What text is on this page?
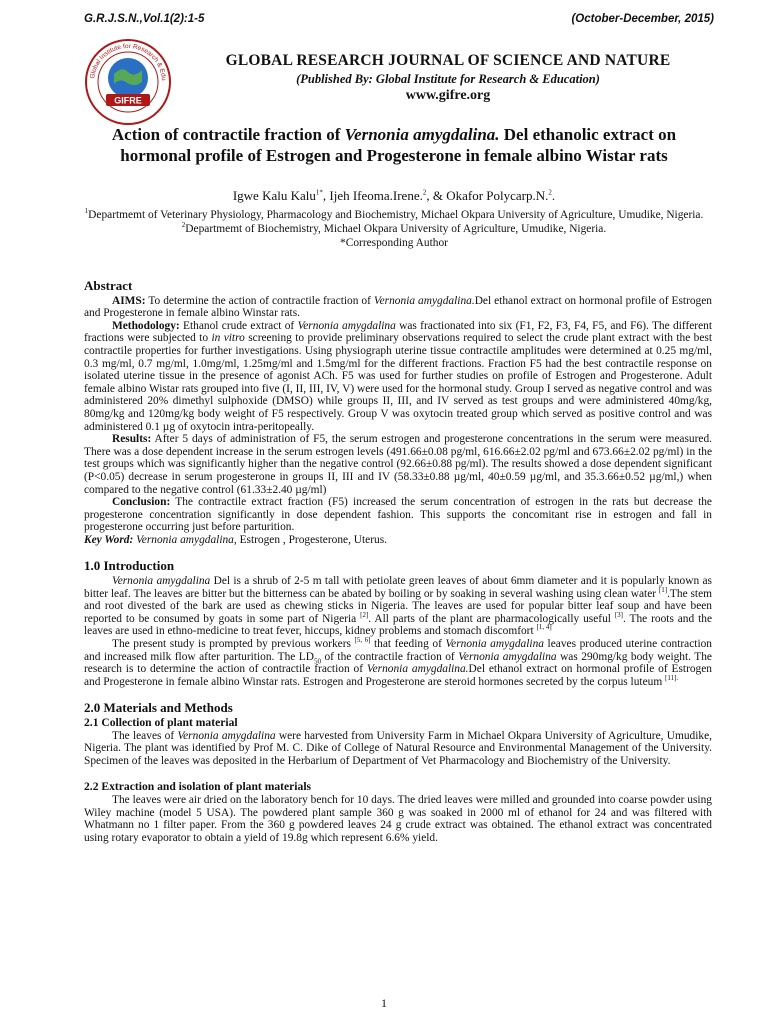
G.R.J.S.N.,Vol.1(2):1-5	(October-December, 2015)
GIFRE
Global Institute for Research & Edu
GLOBAL RESEARCH JOURNAL OF SCIENCE AND NATURE
(Published By: Global Institute for Research & Education)
www.gifre.org
Action of contractile fraction of Vernonia amygdalina. Del ethanolic extract on hormonal profile of Estrogen and Progesterone in female albino Wistar rats
Igwe Kalu Kalu$^{1*}$, Ijeh Ifeoma.Irene.$^2$, & Okafor Polycarp.N.$^2$.
$^1$Departmemt of Veterinary Physiology, Pharmacology and Biochemistry, Michael Okpara University of Agriculture, Umudike, Nigeria.
$^2$Departmemt of Biochemistry, Michael Okpara University of Agriculture, Umudike, Nigeria.
*Corresponding Author
Abstract

AIMS: To determine the action of contractile fraction of Vernonia amygdalina.Del ethanol extract on hormonal profile of Estrogen and Progesterone in female albino Winstar rats.

Methodology: Ethanol crude extract of Vernonia amygdalina was fractionated into six (F1, F2, F3, F4, F5, and F6). The different fractions were subjected to in vitro screening to provide preliminary observations required to select the crude plant extract with the best contractile properties for further investigations. Using physiograph uterine tissue contractile amplitudes were determined at 0.25 mg/ml, 0.3 mg/ml, 0.7 mg/ml, 1.0mg/ml, 1.25mg/ml and 1.5mg/ml for the different fractions. Fraction F5 had the best contractile response on isolated uterine tissue in the presence of agonist ACh. F5 was used for further studies on profile of Estrogen and Progesterone. Adult female albino Wistar rats grouped into five (I, II, III, IV, V) were used for the hormonal study. Group I served as negative control and was administered 20% dimethyl sulphoxide (DMSO) while groups II, III, and IV served as test groups and were administered 40mg/kg, 80mg/kg and 120mg/kg body weight of F5 respectively. Group V was oxytocin treated group which served as positive control and was administered 0.1 µg of oxytocin intra-peritopeally.

Results: After 5 days of administration of F5, the serum estrogen and progesterone concentrations in the serum were measured. There was a dose dependent increase in the serum estrogen levels (491.66±0.08 pg/ml, 616.66±2.02 pg/ml and 673.66±2.02 pg/ml) in the test groups which was significantly higher than the negative control (92.66±0.88 pg/ml). The results showed a dose dependent significant (P<0.05) decrease in serum progesterone in groups II, III and IV (58.33±0.88 µg/ml, 40±0.59 µg/ml, and 35.3.66±0.52 µg/ml,) when compared to the negative control (61.33±2.40 µg/ml)

Conclusion: The contractile extract fraction (F5) increased the serum concentration of estrogen in the rats but decrease the progesterone concentration significantly in dose dependent fashion. This supports the concomitant rise in estrogen and fall in progesterone occurring just before parturition.

Key Word: Vernonia amygdalina, Estrogen , Progesterone, Uterus.

1.0 Introduction

Vernonia amygdalina Del is a shrub of 2-5 m tall with petiolate green leaves of about 6mm diameter and it is popularly known as bitter leaf. The leaves are bitter but the bitterness can be abated by boiling or by soaking in several washing using clean water [1].The stem and root divested of the bark are used as chewing sticks in Nigeria. The leaves are used for popular bitter leaf soup and have been reported to be consumed by goats in some part of Nigeria [2]. All parts of the plant are pharmacologically useful [3]. The roots and the leaves are used in ethno-medicine to treat fever, hiccups, kidney problems and stomach discomfort [1, 4]

The present study is prompted by previous workers [5, 6] that feeding of Vernonia amygdalina leaves produced uterine contraction and increased milk flow after parturition. The $LD_{50}$ of the contractile fraction of Vernonia amygdalina was 290mg/kg body weight. The research is to determine the action of contractile fraction of Vernonia amygdalina.Del ethanol extract on hormonal profile of Estrogen and Progesterone in female albino Winstar rats. Estrogen and Progesterone are steroid hormones secreted by the corpus luteum $^{[11].}$

2.0 Materials and Methods
2.1 Collection of plant material

The leaves of Vernonia amygdalina were harvested from University Farm in Michael Okpara University of Agriculture, Umudike, Nigeria. The plant was identified by Prof M. C. Dike of College of Natural Resource and Environmental Management of the University. Specimen of the leaves was deposited in the Herbarium of Department of Vet Pharmacology and Biochemistry of the University.

2.2 Extraction and isolation of plant materials

The leaves were air dried on the laboratory bench for 10 days. The dried leaves were milled and grounded into coarse powder using Wiley machine (model 5 USA). The powdered plant sample 360 g was soaked in 2000 ml of ethanol for 24 and was filtered with Whatmann no 1 filter paper. From the 360 g powdered leaves 24 g crude extract was obtained. The ethanol extract was concentrated using rotary evaporator to obtain a yield of 19.8g which represent 6.6% yield.

1
